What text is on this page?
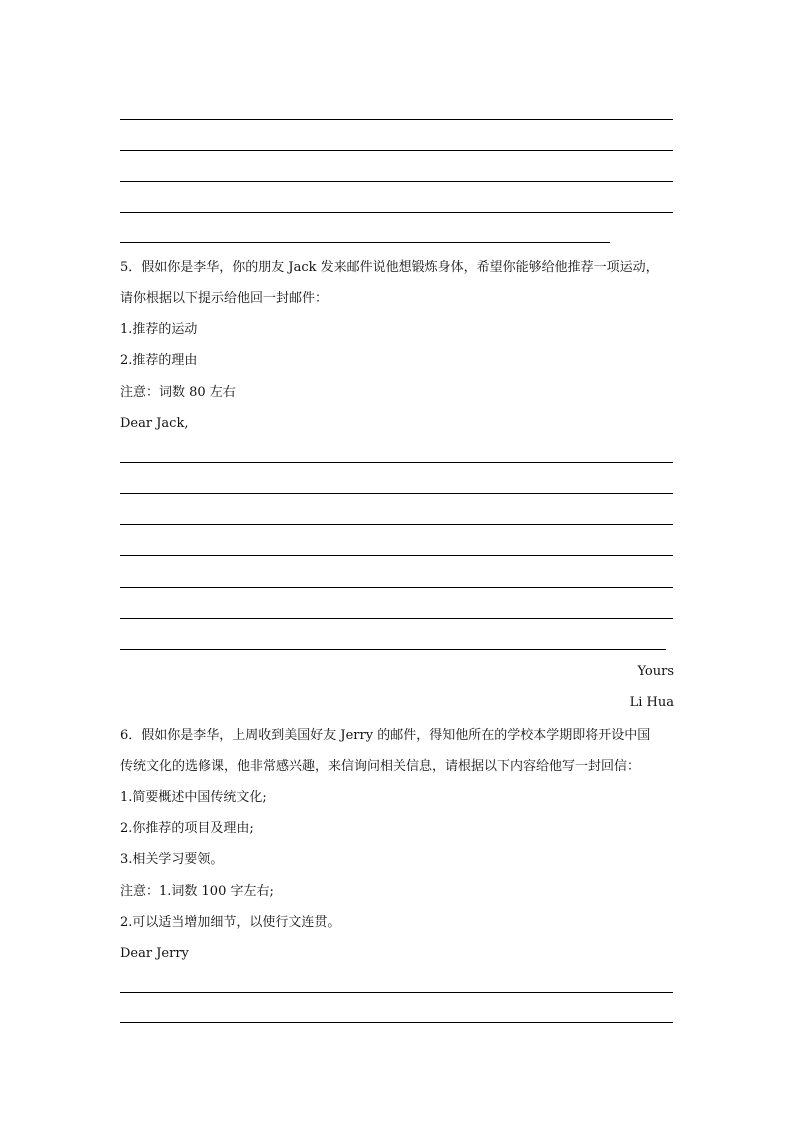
5．假如你是李华，你的朋友 Jack 发来邮件说他想锻炼身体，希望你能够给他推荐一项运动，
请你根据以下提示给他回一封邮件：
1.推荐的运动
2.推荐的理由
注意：词数 80 左右
Dear Jack,
Yours
Li Hua
6．假如你是李华，上周收到美国好友 Jerry 的邮件，得知他所在的学校本学期即将开设中国
传统文化的选修课，他非常感兴趣，来信询问相关信息，请根据以下内容给他写一封回信：
1.简要概述中国传统文化;
2.你推荐的项目及理由;
3.相关学习要领。
注意：1.词数 100 字左右;
2.可以适当增加细节，以使行文连贯。
Dear Jerry
